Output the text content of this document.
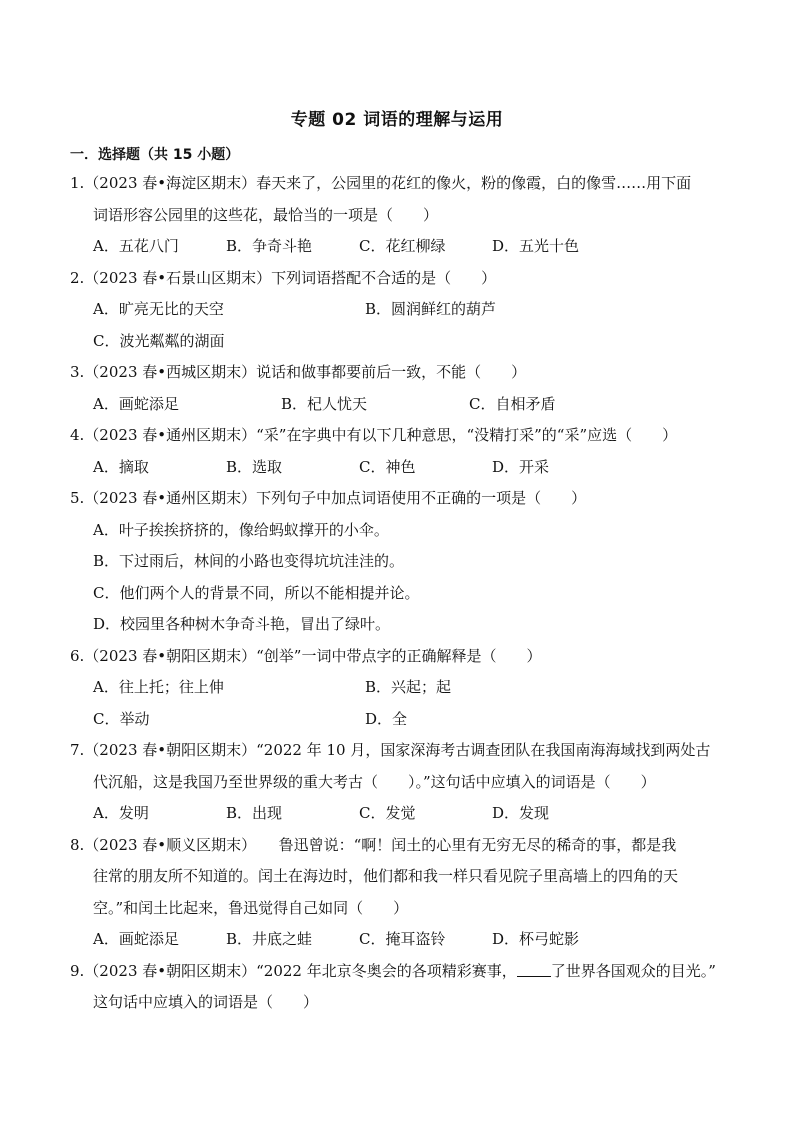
专题 02 词语的理解与运用
一．选择题（共 15 小题）
1.（2023 春•海淀区期末）春天来了，公园里的花红的像火，粉的像霞，白的像雪……用下面
词语形容公园里的这些花，最恰当的一项是（　　）
A．五花八门	B．争奇斗艳	C．花红柳绿	D．五光十色
2.（2023 春•石景山区期末）下列词语搭配不合适的是（　　）
A．旷亮无比的天空	B．圆润鲜红的葫芦
C．波光粼粼的湖面
3.（2023 春•西城区期末）说话和做事都要前后一致，不能（　　）
A．画蛇添足	B．杞人忧天	C．自相矛盾
4.（2023 春•通州区期末）“采”在字典中有以下几种意思，“没精打采”的“采”应选（　　）
A．摘取	B．选取	C．神色	D．开采
5.（2023 春•通州区期末）下列句子中加点词语使用不正确的一项是（　　）
A．叶子挨挨挤挤的，像给蚂蚁撑开的小伞。
B．下过雨后，林间的小路也变得坑坑洼洼的。
C．他们两个人的背景不同，所以不能相提并论。
D．校园里各种树木争奇斗艳，冒出了绿叶。
6.（2023 春•朝阳区期末）“创举”一词中带点字的正确解释是（　　）
A．往上托；往上伸	B．兴起；起
C．举动	D．全
7.（2023 春•朝阳区期末）“2022 年 10 月，国家深海考古调查团队在我国南海海域找到两处古
代沉船，这是我国乃至世界级的重大考古（　　）。”这句话中应填入的词语是（　　）
A．发明	B．出现	C．发觉	D．发现
8.（2023 春•顺义区期末）　　鲁迅曾说：“啊！闰土的心里有无穷无尽的稀奇的事，都是我
往常的朋友所不知道的。闰土在海边时，他们都和我一样只看见院子里高墙上的四角的天
空。”和闰土比起来，鲁迅觉得自己如同（　　）
A．画蛇添足	B．井底之蛙	C．掩耳盗铃	D．杯弓蛇影
9.（2023 春•朝阳区期末）“2022 年北京冬奥会的各项精彩赛事， 了世界各国观众的目光。”
这句话中应填入的词语是（　　）
